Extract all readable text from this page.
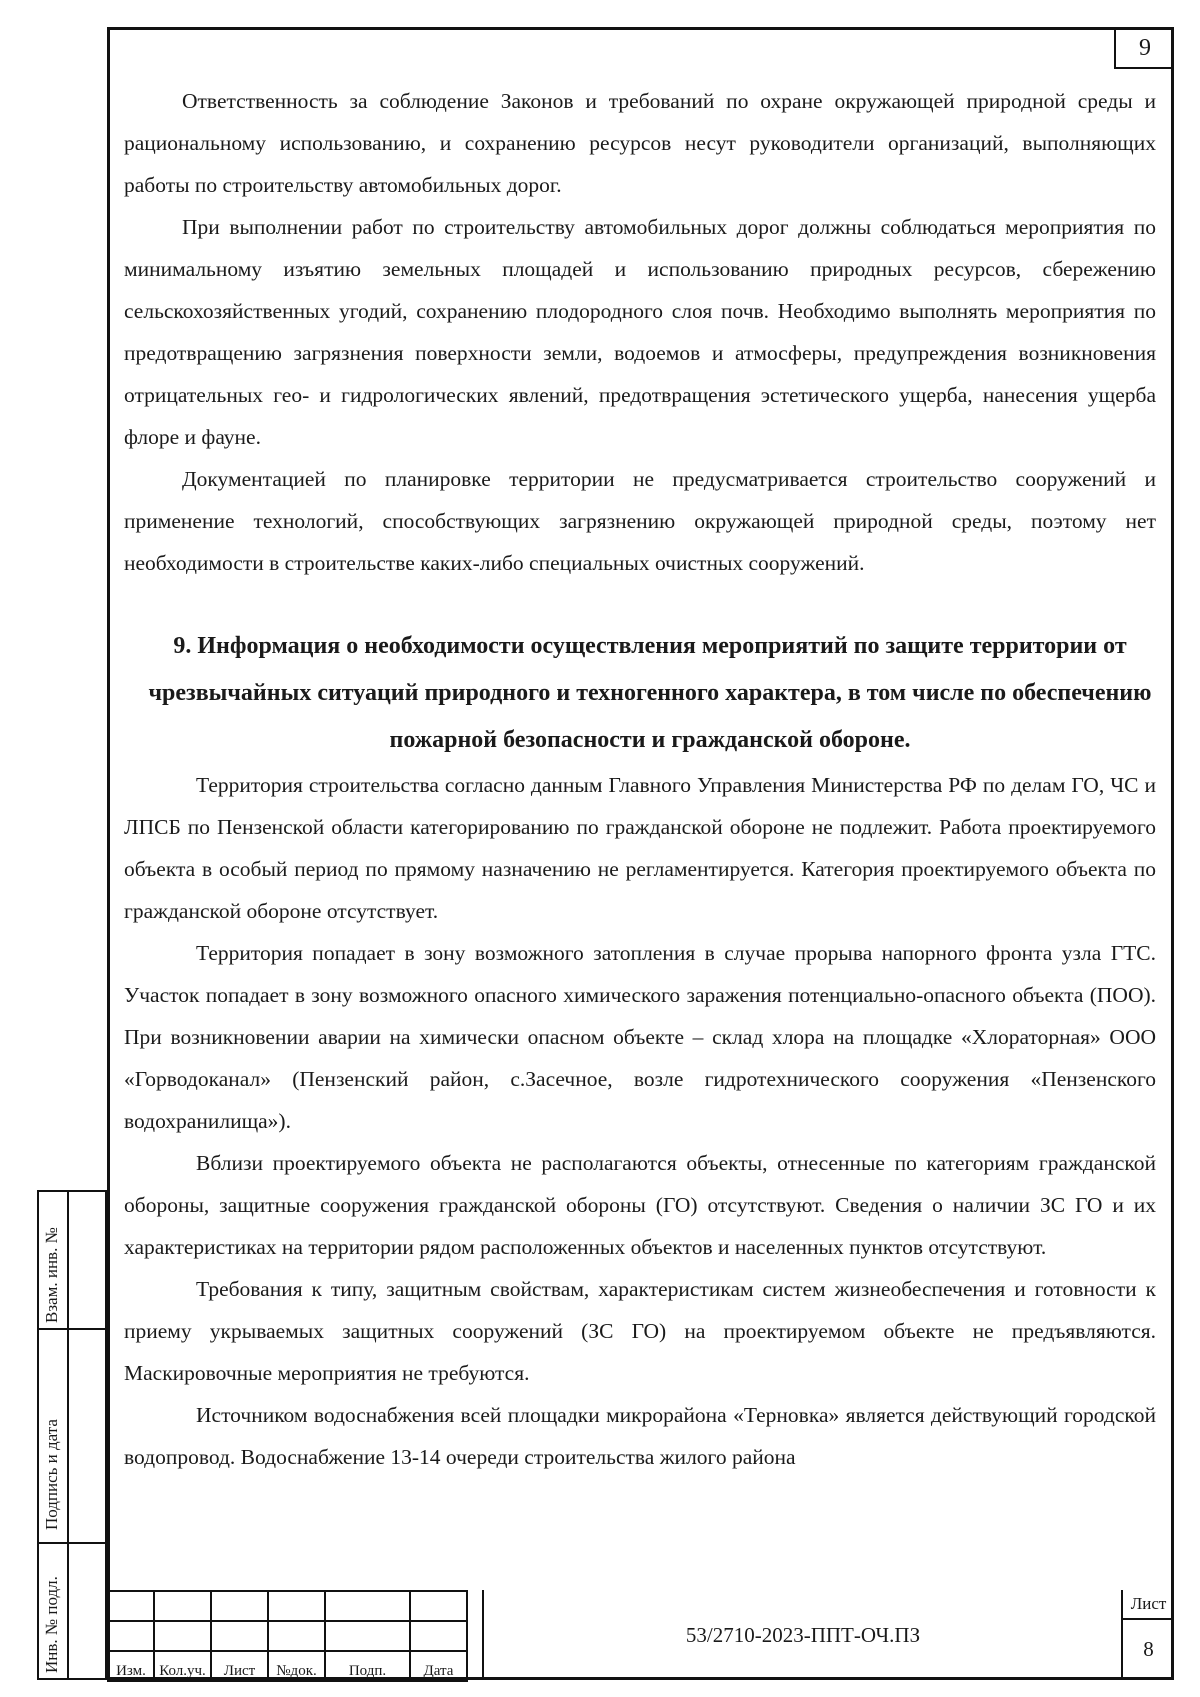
9

Ответственность за соблюдение Законов и требований по охране окружающей природной среды и рациональному использованию, и сохранению ресурсов несут руководители организаций, выполняющих работы по строительству автомобильных дорог.

При выполнении работ по строительству автомобильных дорог должны соблюдаться мероприятия по минимальному изъятию земельных площадей и использованию природных ресурсов, сбережению сельскохозяйственных угодий, сохранению плодородного слоя почв. Необходимо выполнять мероприятия по предотвращению загрязнения поверхности земли, водоемов и атмосферы, предупреждения возникновения отрицательных гео- и гидрологических явлений, предотвращения эстетического ущерба, нанесения ущерба флоре и фауне.

Документацией по планировке территории не предусматривается строительство сооружений и применение технологий, способствующих загрязнению окружающей природной среды, поэтому нет необходимости в строительстве каких-либо специальных очистных сооружений.

9. Информация о необходимости осуществления мероприятий по защите территории от чрезвычайных ситуаций природного и техногенного характера, в том числе по обеспечению пожарной безопасности и гражданской обороне.

Территория строительства согласно данным Главного Управления Министерства РФ по делам ГО, ЧС и ЛПСБ по Пензенской области категорированию по гражданской обороне не подлежит. Работа проектируемого объекта в особый период по прямому назначению не регламентируется. Категория проектируемого объекта по гражданской обороне отсутствует.

Территория попадает в зону возможного затопления в случае прорыва напорного фронта узла ГТС. Участок попадает в зону возможного опасного химического заражения потенциально-опасного объекта (ПОО). При возникновении аварии на химически опасном объекте – склад хлора на площадке «Хлораторная» ООО «Горводоканал» (Пензенский район, с.Засечное, возле гидротехнического сооружения «Пензенского водохранилища»).

Вблизи проектируемого объекта не располагаются объекты, отнесенные по категориям гражданской обороны, защитные сооружения гражданской обороны (ГО) отсутствуют. Сведения о наличии ЗС ГО и их характеристиках на территории рядом расположенных объектов и населенных пунктов отсутствуют.

Требования к типу, защитным свойствам, характеристикам систем жизнеобеспечения и готовности к приему укрываемых защитных сооружений (ЗС ГО) на проектируемом объекте не предъявляются. Маскировочные мероприятия не требуются.

Источником водоснабжения всей площадки микрорайона «Терновка» является действующий городской водопровод. Водоснабжение 13-14 очереди строительства жилого района

Взам. инв. №
Подпись и дата
Инв. № подл.

						Изм.	Кол.уч.	Лист	№док.	Подп.	Дата
53/2710-2023-ППТ-ОЧ.ПЗ
Лист
8
